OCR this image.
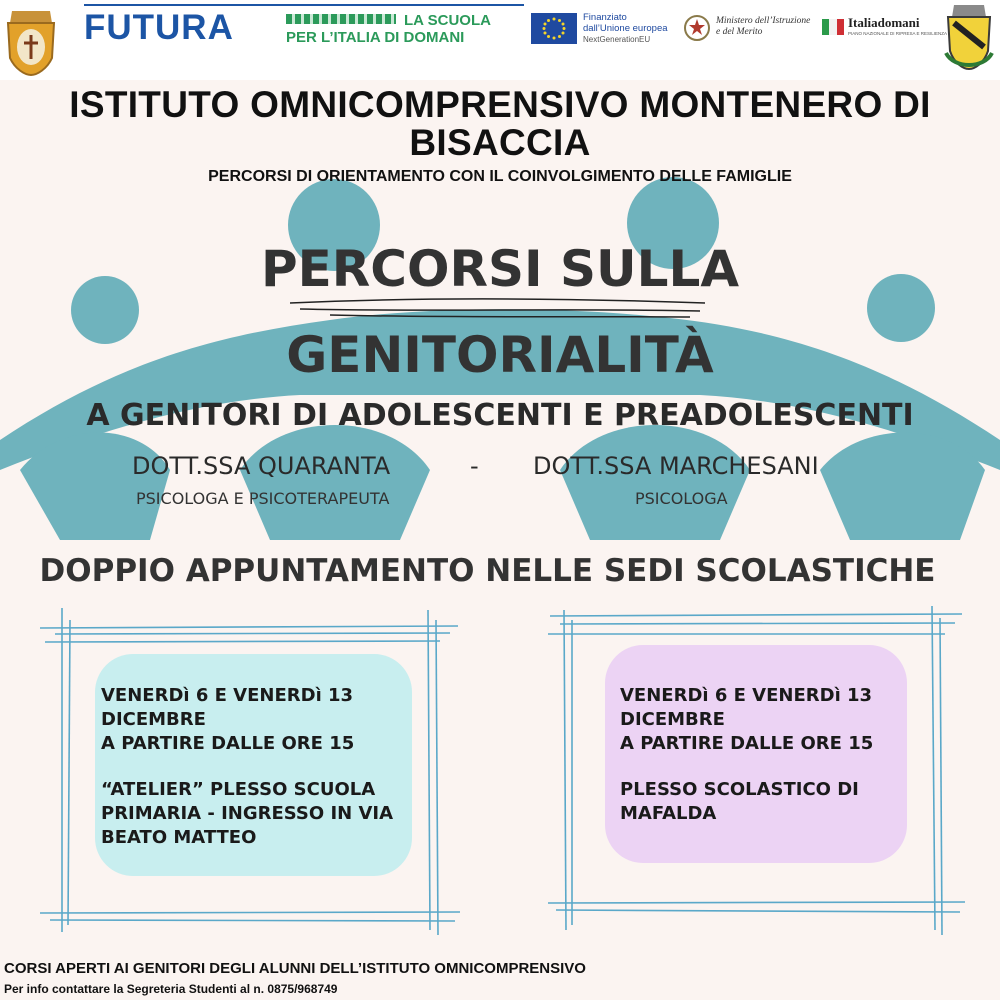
FUTURA	LA SCUOLA
PER L’ITALIA DI DOMANI
Finanziato
dall’Unione europea
NextGenerationEU
Ministero dell’Istruzione
e del Merito
Italiadomani
PIANO NAZIONALE DI RIPRESA E RESILIENZA
ISTITUTO OMNICOMPRENSIVO MONTENERO DI BISACCIA
PERCORSI DI ORIENTAMENTO CON IL COINVOLGIMENTO DELLE FAMIGLIE
PERCORSI SULLA
GENITORIALITÀ
A GENITORI DI ADOLESCENTI E PREADOLESCENTI
DOTT.SSA QUARANTA	- DOTT.SSA MARCHESANI
PSICOLOGA E PSICOTERAPEUTA	PSICOLOGA
DOPPIO APPUNTAMENTO NELLE SEDI SCOLASTICHE
VENERDì 6 E VENERDì 13
DICEMBRE
A PARTIRE DALLE ORE 15
“ATELIER” PLESSO SCUOLA
PRIMARIA - INGRESSO IN VIA
BEATO MATTEO
VENERDì 6 E VENERDì 13
DICEMBRE
A PARTIRE DALLE ORE 15
PLESSO SCOLASTICO DI
MAFALDA
CORSI APERTI AI GENITORI DEGLI ALUNNI DELL’ISTITUTO OMNICOMPRENSIVO
Per info contattare la Segreteria Studenti al n. 0875/968749
